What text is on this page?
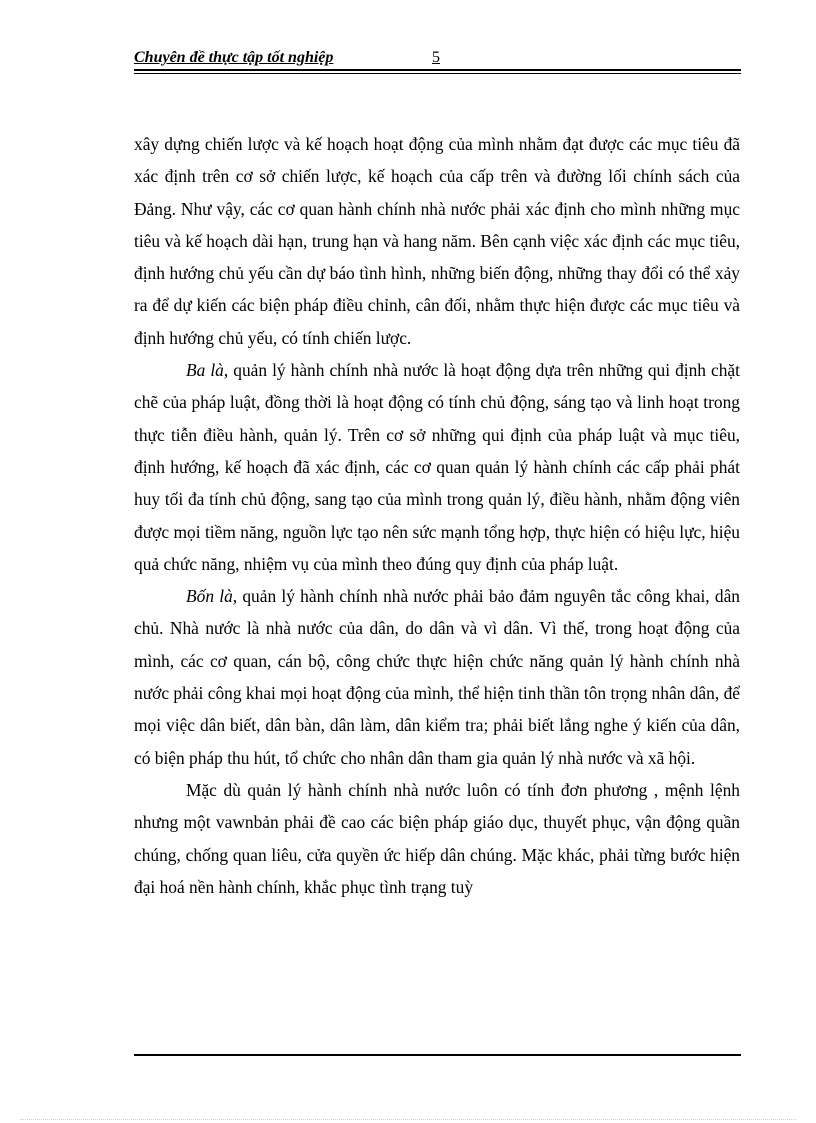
Chuyên đề thực tập tốt nghiệp	5

xây dựng chiến lược và kế hoạch hoạt động của mình nhằm đạt được các mục tiêu đã xác định trên cơ sở chiến lược, kế hoạch của cấp trên và đường lối chính sách của Đảng. Như vậy, các cơ quan hành chính nhà nước phải xác định cho mình những mục tiêu và kế hoạch dài hạn, trung hạn và hang năm. Bên cạnh việc xác định các mục tiêu, định hướng chủ yếu cần dự báo tình hình, những biến động, những thay đổi có thể xảy ra để dự kiến các biện pháp điều chỉnh, cân đối, nhằm thực hiện được các mục tiêu và định hướng chủ yếu, có tính chiến lược.

Ba là, quản lý hành chính nhà nước là hoạt động dựa trên những qui định chặt chẽ của pháp luật, đồng thời là hoạt động có tính chủ động, sáng tạo và linh hoạt trong thực tiễn điều hành, quản lý. Trên cơ sở những qui định của pháp luật và mục tiêu, định hướng, kế hoạch đã xác định, các cơ quan quản lý hành chính các cấp phải phát huy tối đa tính chủ động, sang tạo của mình trong quản lý, điều hành, nhằm động viên được mọi tiềm năng, nguồn lực tạo nên sức mạnh tổng hợp, thực hiện có hiệu lực, hiệu quả chức năng, nhiệm vụ của mình theo đúng quy định của pháp luật.

Bốn là, quản lý hành chính nhà nước phải bảo đảm nguyên tắc công khai, dân chủ. Nhà nước là nhà nước của dân, do dân và vì dân. Vì thế, trong hoạt động của mình, các cơ quan, cán bộ, công chức thực hiện chức năng quản lý hành chính nhà nước phải công khai mọi hoạt động của mình, thể hiện tinh thần tôn trọng nhân dân, để mọi việc dân biết, dân bàn, dân làm, dân kiểm tra; phải biết lắng nghe ý kiến của dân, có biện pháp thu hút, tổ chức cho nhân dân tham gia quản lý nhà nước và xã hội.

Mặc dù quản lý hành chính nhà nước luôn có tính đơn phương , mệnh lệnh nhưng một vawnbản phải đề cao các biện pháp giáo dục, thuyết phục, vận động quần chúng, chống quan liêu, cửa quyền ức hiếp dân chúng. Mặc khác, phải từng bước hiện đại hoá nền hành chính, khắc phục tình trạng tuỳ
